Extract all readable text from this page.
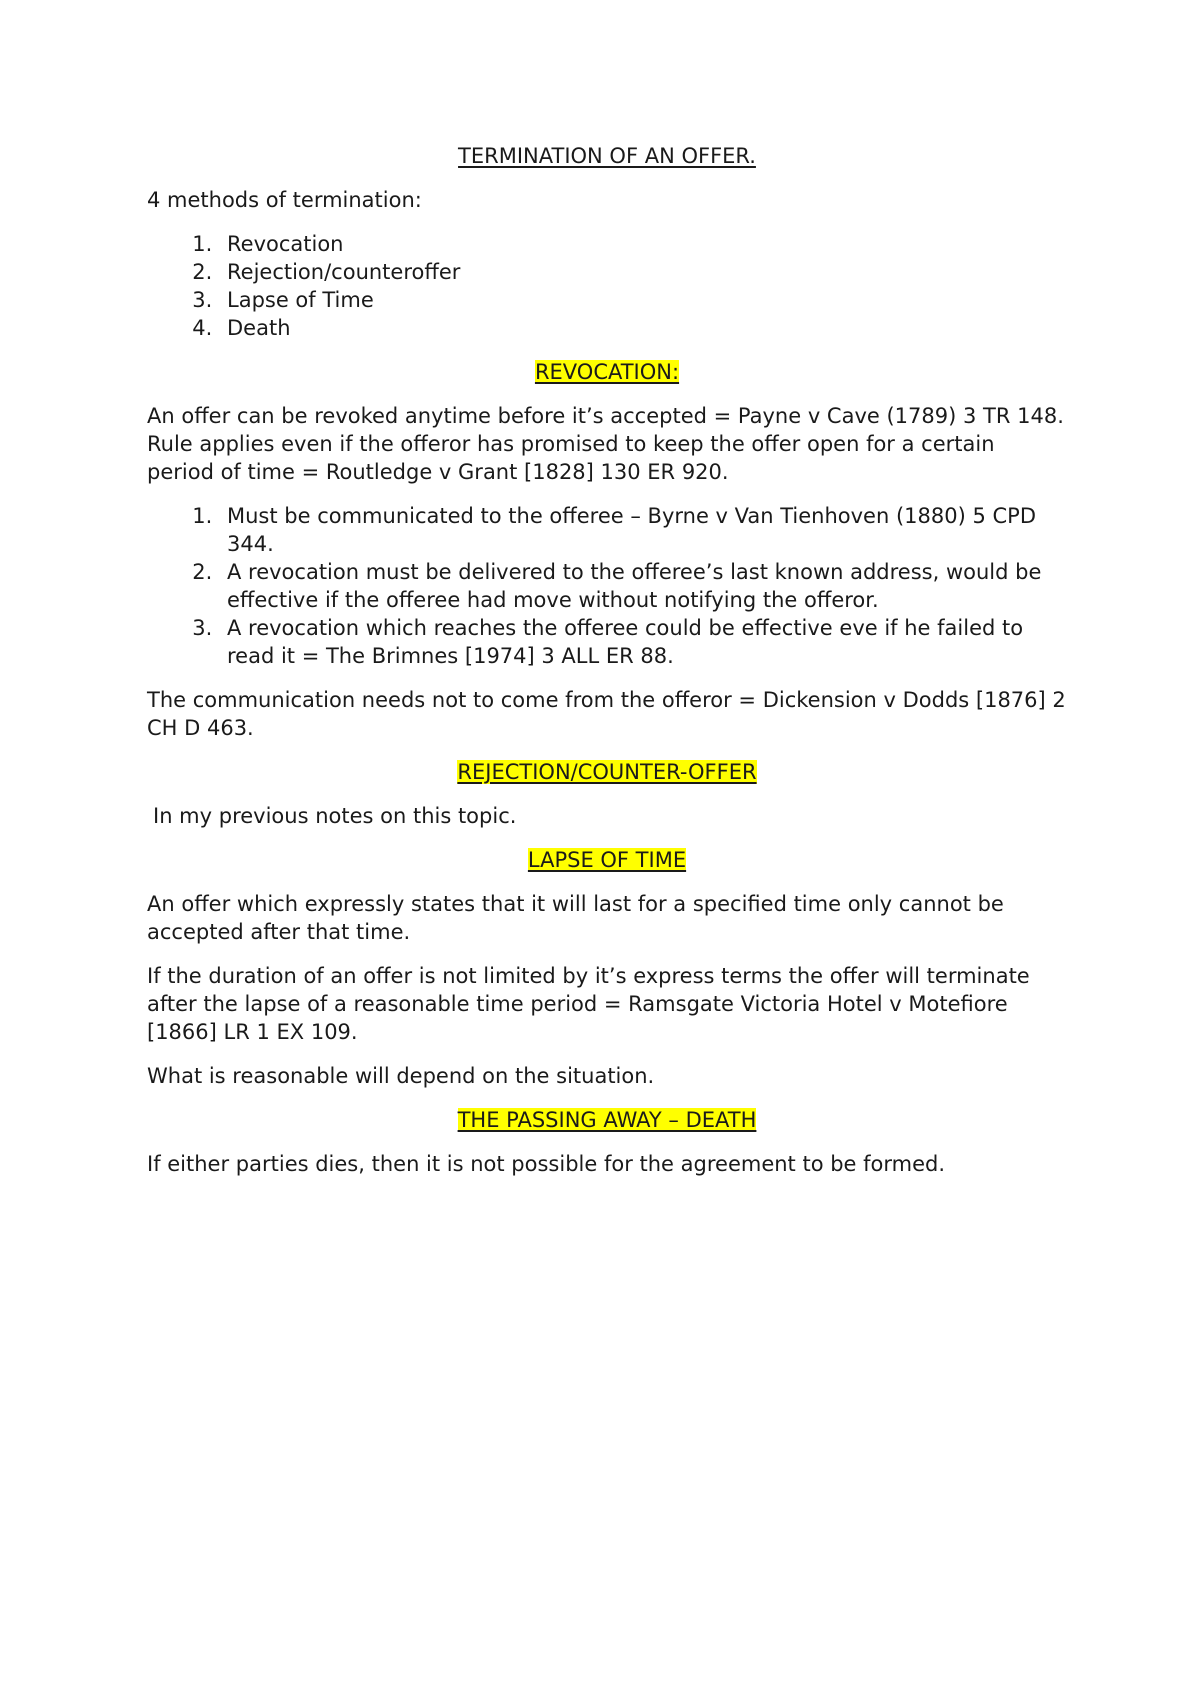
TERMINATION OF AN OFFER.

4 methods of termination:

1. Revocation
2. Rejection/counteroffer
3. Lapse of Time
4. Death
REVOCATION:

An offer can be revoked anytime before it’s accepted = Payne v Cave (1789) 3 TR 148. Rule applies even if the offeror has promised to keep the offer open for a certain period of time = Routledge v Grant [1828] 130 ER 920.

1. Must be communicated to the offeree – Byrne v Van Tienhoven (1880) 5 CPD 344.
2. A revocation must be delivered to the offeree’s last known address, would be effective if the offeree had move without notifying the offeror.
3. A revocation which reaches the offeree could be effective eve if he failed to read it = The Brimnes [1974] 3 ALL ER 88.

The communication needs not to come from the offeror = Dickension v Dodds [1876] 2 CH D 463.

REJECTION/COUNTER-OFFER

In my previous notes on this topic.

LAPSE OF TIME

An offer which expressly states that it will last for a specified time only cannot be accepted after that time.

If the duration of an offer is not limited by it’s express terms the offer will terminate after the lapse of a reasonable time period = Ramsgate Victoria Hotel v Motefiore [1866] LR 1 EX 109.

What is reasonable will depend on the situation.

THE PASSING AWAY – DEATH

If either parties dies, then it is not possible for the agreement to be formed.
